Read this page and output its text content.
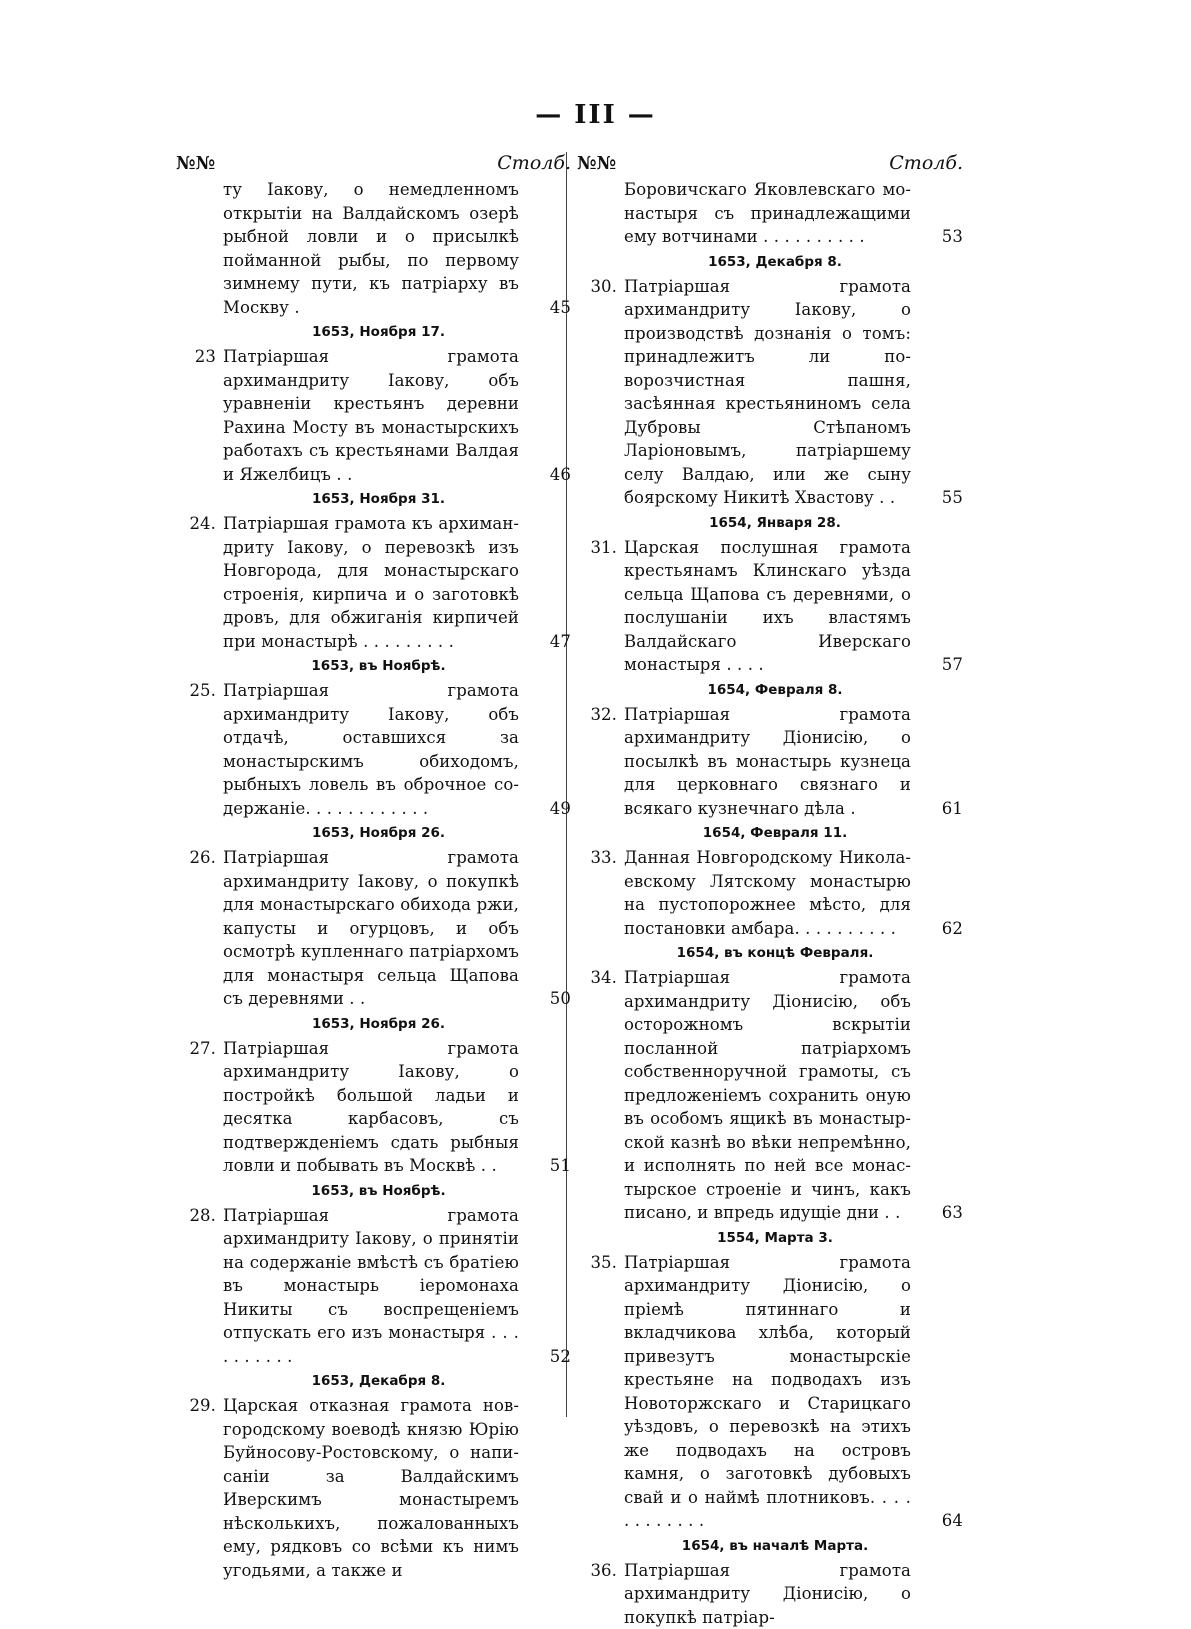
— III —
№№	Столб.
ту Іакову, о немедленномъ открытіи на Валдайскомъ озерѣ рыбной ловли и о присылкѣ пойманной рыбы, по первому зимнему пути, къ патріарху въ Москву .	45
1653, Ноября 17.
23 Патріаршая грамота архимандриту Іакову, объ уравненіи крестьянъ деревни Рахина Мосту въ монастырскихъ работахъ съ крестьянами Валдая и Яжелбицъ . .	46
1653, Ноября 31.
24. Патріаршая грамота къ архимандриту Іакову, о перевозкѣ изъ Новгорода, для монастырскаго строенія, кирпича и о заготовкѣ дровъ, для обжиганія кирпичей при монастырѣ . . . . . . . . .	47
1653, въ Ноябрѣ.
25. Патріаршая грамота архимандриту Іакову, объ отдачѣ, оставшихся за монастырскимъ обиходомъ, рыбныхъ ловель въ оброчное содержаніе. . . . . . . . . . . .	49
1653, Ноября 26.
26. Патріаршая грамота архимандриту Іакову, о покупкѣ для монастырскаго обихода ржи, капусты и огурцовъ, и объ осмотрѣ купленнаго патріархомъ для монастыря сельца Щапова съ деревнями . .	50
1653, Ноября 26.
27. Патріаршая грамота архимандриту Іакову, о постройкѣ большой ладьи и десятка карбасовъ, съ подтвержденіемъ сдать рыбныя ловли и побывать въ Москвѣ . .	51
1653, въ Ноябрѣ.
28. Патріаршая грамота архимандриту Іакову, о принятіи на содержаніе вмѣстѣ съ братіею въ монастырь іеромонаха Никиты съ воспрещеніемъ отпускать его изъ монастыря . . . . . . . . . .	52
1653, Декабря 8.
29. Царская отказная грамота новгородскому воеводѣ князю Юрію Буйносову-Ростовскому, о написаніи за Валдайскимъ Иверскимъ монастыремъ нѣсколькихъ, пожалованныхъ ему, рядковъ со всѣми къ нимъ угодьями, а также и
№№	Столб.
Боровичскаго Яковлевскаго монастыря съ принадлежащими ему вотчинами . . . . . . . . . .	53
1653, Декабря 8.
30. Патріаршая грамота архимандриту Іакову, о производствѣ дознанія о томъ: принадлежитъ ли поворозчистная пашня, засѣянная крестьяниномъ села Дубровы Стѣпаномъ Ларіоновымъ, патріаршему селу Валдаю, или же сыну боярскому Никитѣ Хвастову . .	55
1654, Января 28.
31. Царская послушная грамота крестьянамъ Клинскаго уѣзда сельца Щапова съ деревнями, о послушаніи ихъ властямъ Валдайскаго Иверскаго монастыря . . . .	57
1654, Февраля 8.
32. Патріаршая грамота архимандриту Діонисію, о посылкѣ въ монастырь кузнеца для церковнаго связнаго и всякаго кузнечнаго дѣла .	61
1654, Февраля 11.
33. Данная Новгородскому Николаевскому Лятскому монастырю на пустопорожнее мѣсто, для постановки амбара. . . . . . . . . .	62
1654, въ концѣ Февраля.
34. Патріаршая грамота архимандриту Діонисію, объ осторожномъ вскрытіи посланной патріархомъ собственноручной грамоты, съ предложеніемъ сохранить оную въ особомъ ящикѣ въ монастырской казнѣ во вѣки непремѣнно, и исполнять по ней все монастырское строеніе и чинъ, какъ писано, и впредь идущіе дни . .	63
1554, Марта 3.
35. Патріаршая грамота архимандриту Діонисію, о пріемѣ пятиннаго и вкладчикова хлѣба, который привезутъ монастырскіе крестьяне на подводахъ изъ Новоторжскаго и Старицкаго уѣздовъ, о перевозкѣ на этихъ же подводахъ на островъ камня, о заготовкѣ дубовыхъ свай и о наймѣ плотниковъ. . . . . . . . . . . .	64
1654, въ началѣ Марта.
36. Патріаршая грамота архимандриту Діонисію, о покупкѣ патріар-
